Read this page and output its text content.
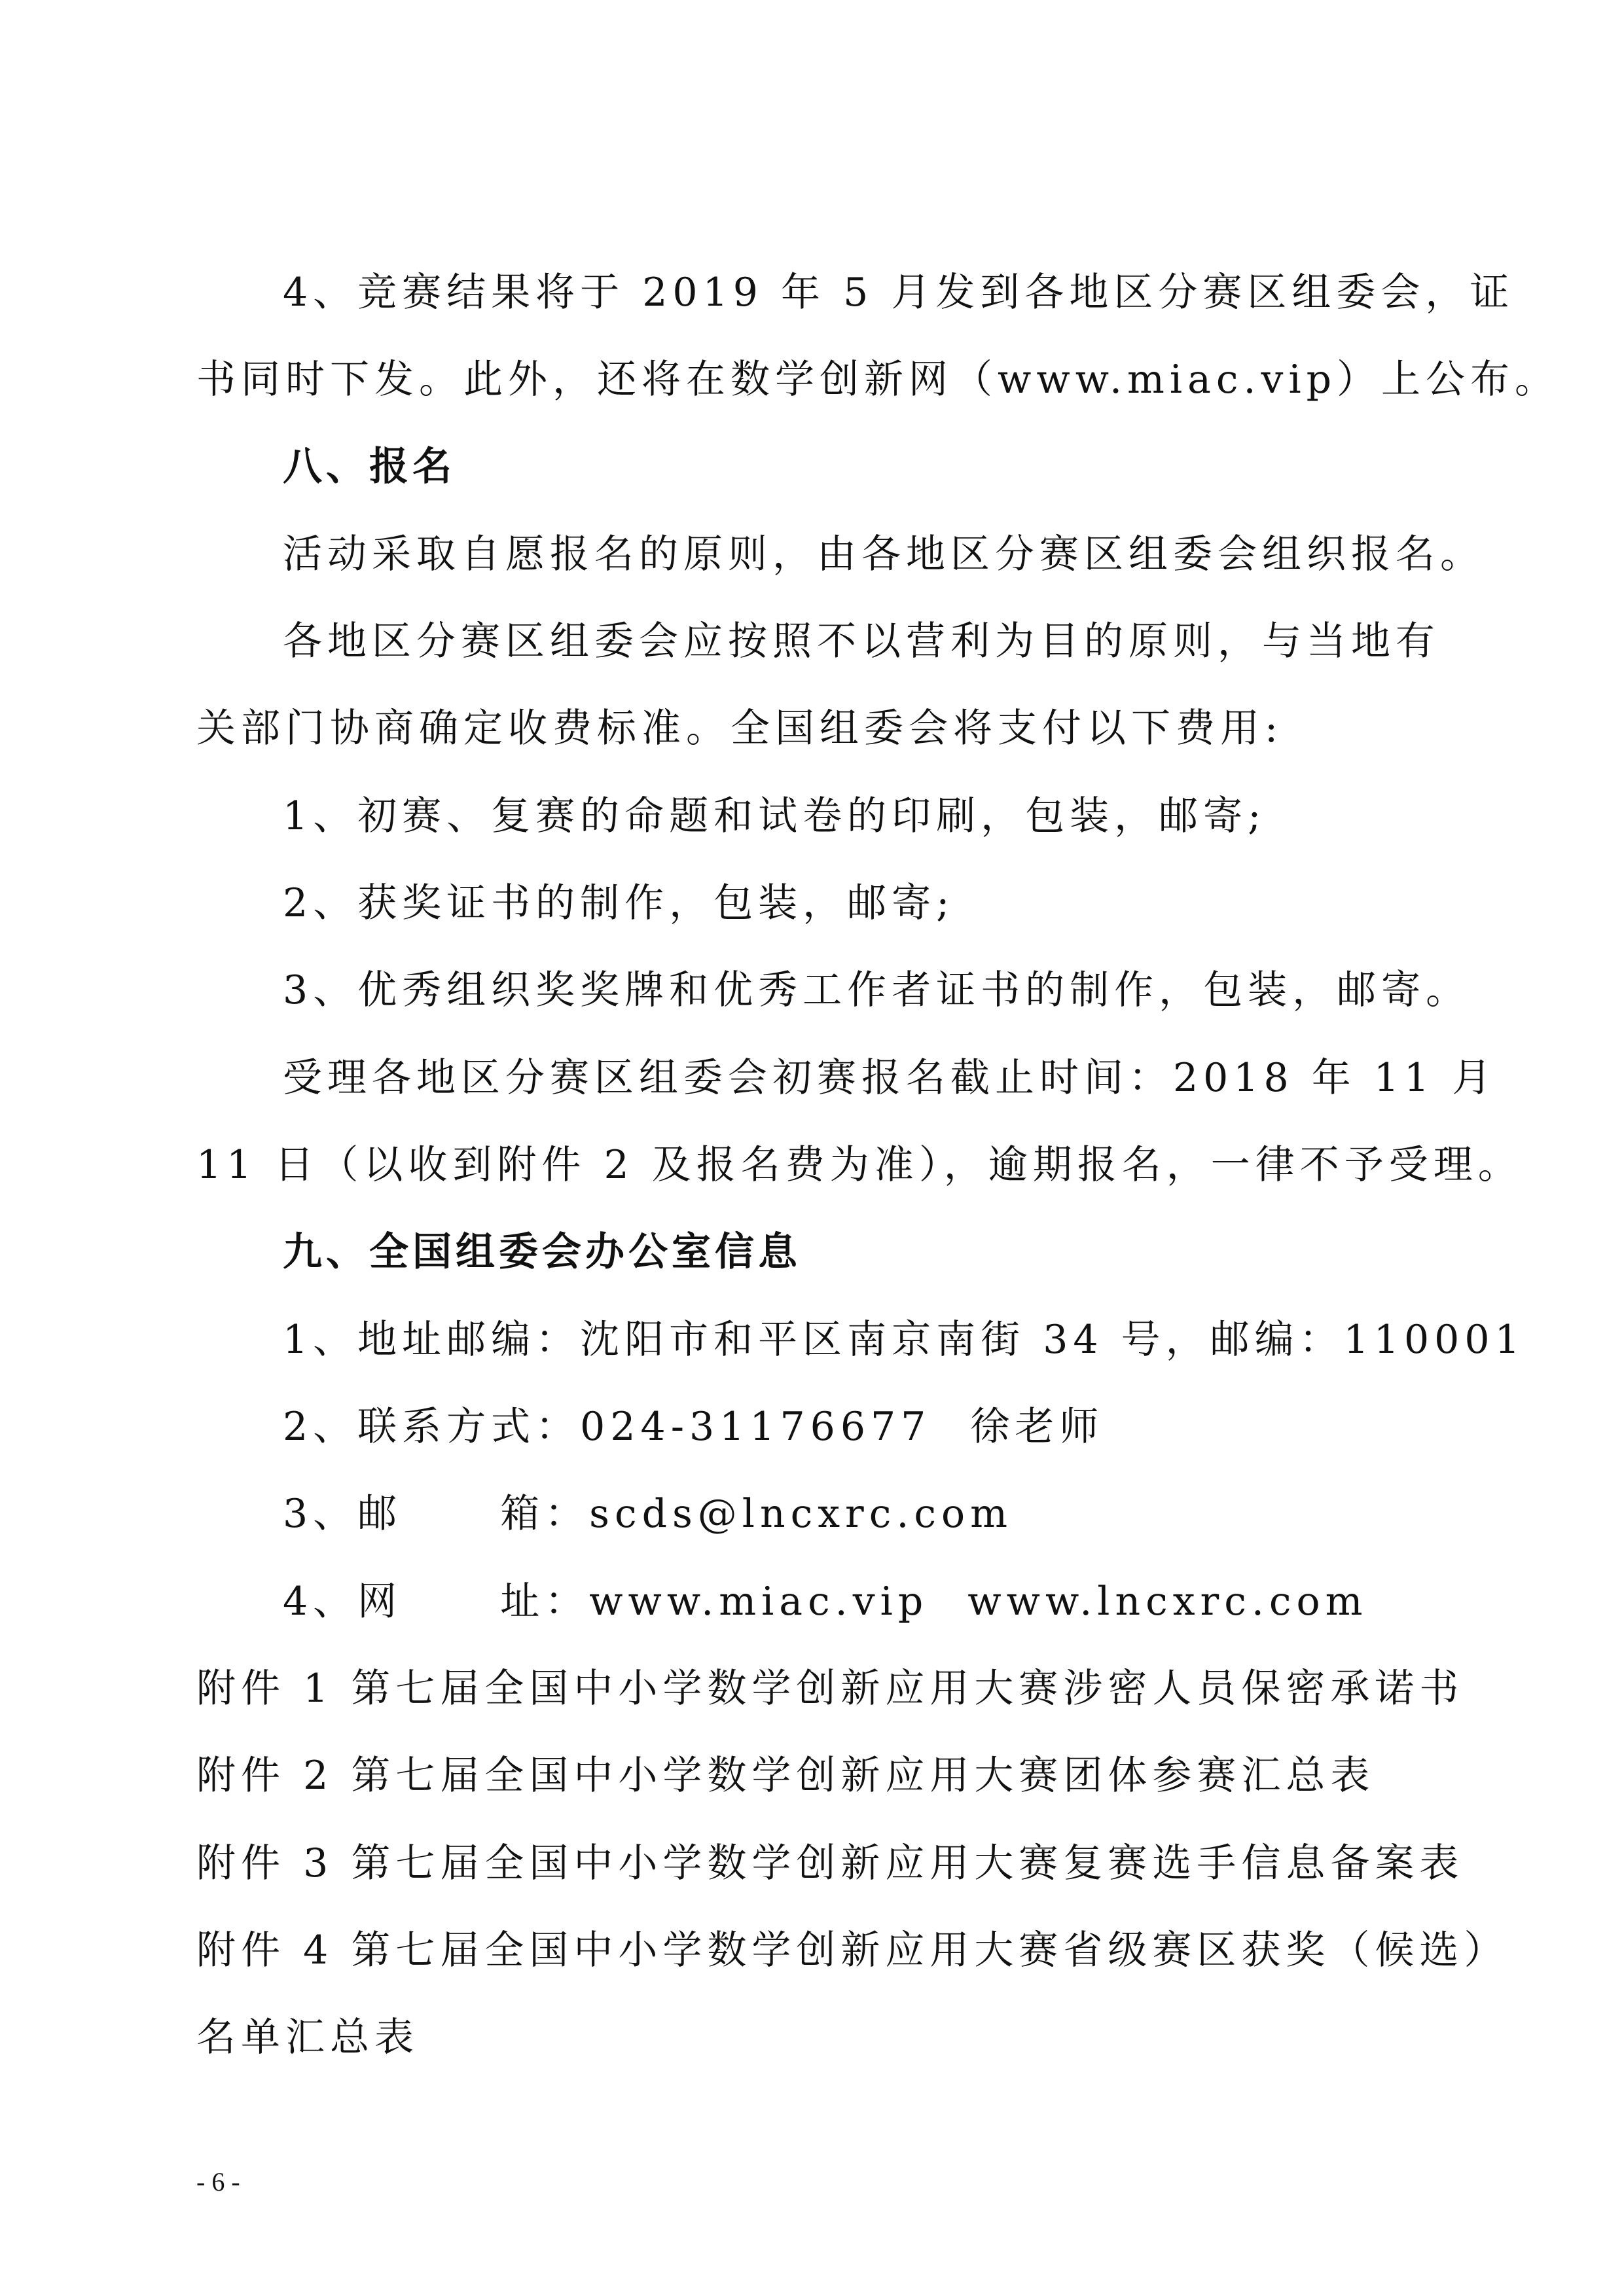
4、竞赛结果将于 2019 年 5 月发到各地区分赛区组委会，证
书同时下发。此外，还将在数学创新网（www.miac.vip）上公布。
八、报名
活动采取自愿报名的原则，由各地区分赛区组委会组织报名。
各地区分赛区组委会应按照不以营利为目的原则，与当地有
关部门协商确定收费标准。全国组委会将支付以下费用:
1、初赛、复赛的命题和试卷的印刷，包装，邮寄;
2、获奖证书的制作，包装，邮寄;
3、优秀组织奖奖牌和优秀工作者证书的制作，包装，邮寄。
受理各地区分赛区组委会初赛报名截止时间：2018 年 11 月
11 日（以收到附件 2 及报名费为准），逾期报名，一律不予受理。
九、全国组委会办公室信息
1、地址邮编：沈阳市和平区南京南街 34 号，邮编：110001
2、联系方式：024-31176677 徐老师
3、邮	箱：scds@lncxrc.com
4、网	址：www.miac.vip www.lncxrc.com
附件 1 第七届全国中小学数学创新应用大赛涉密人员保密承诺书
附件 2 第七届全国中小学数学创新应用大赛团体参赛汇总表
附件 3 第七届全国中小学数学创新应用大赛复赛选手信息备案表
附件 4 第七届全国中小学数学创新应用大赛省级赛区获奖（候选）
名单汇总表
- 6 -
